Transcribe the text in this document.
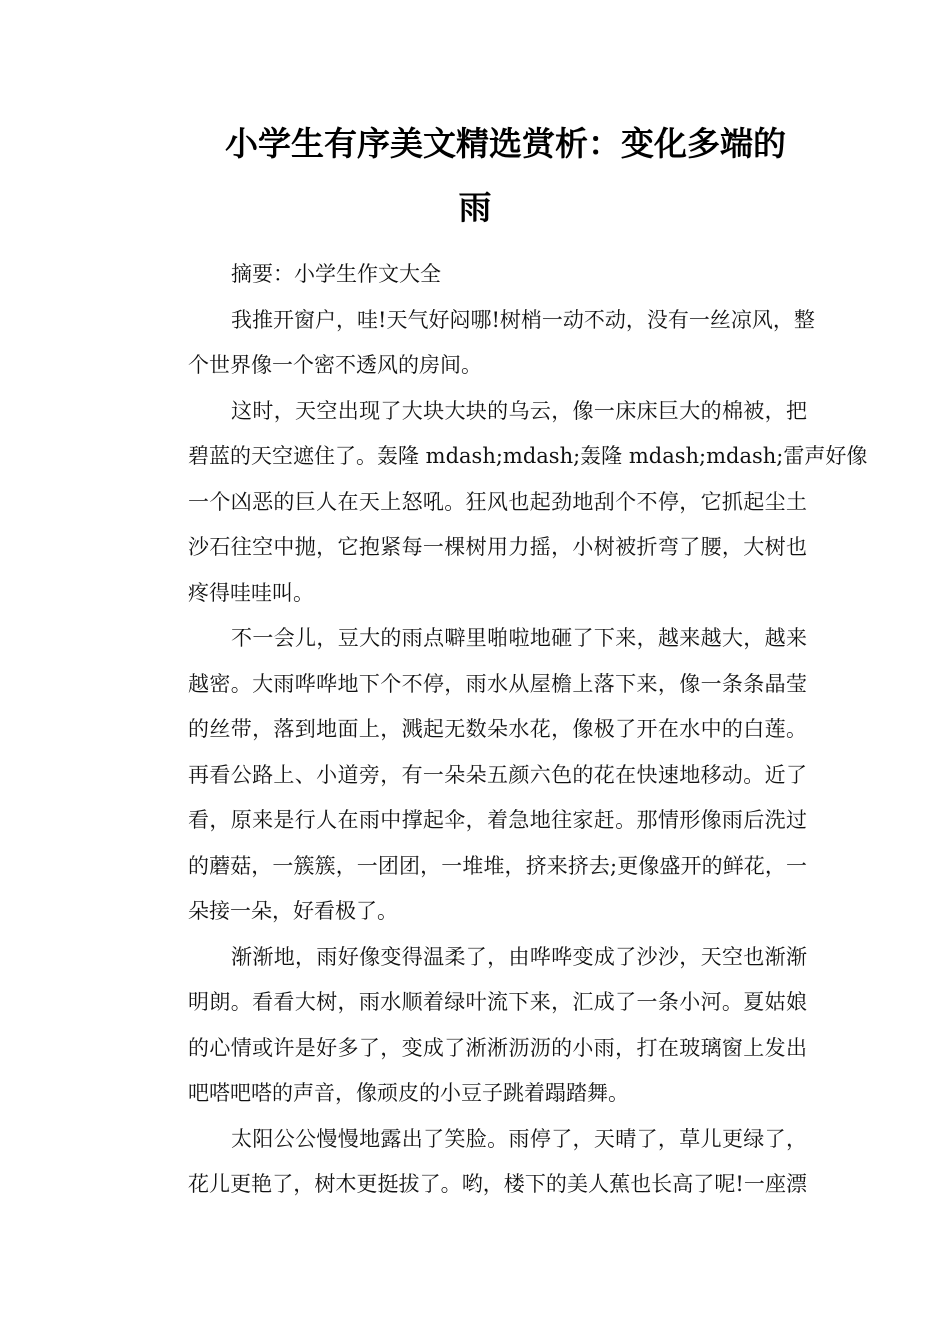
小学生有序美文精选赏析：变化多端的
雨
摘要：小学生作文大全
我推开窗户，哇!天气好闷哪!树梢一动不动，没有一丝凉风，整
个世界像一个密不透风的房间。
这时，天空出现了大块大块的乌云，像一床床巨大的棉被，把
碧蓝的天空遮住了。轰隆 mdash;mdash;轰隆 mdash;mdash;雷声好像
一个凶恶的巨人在天上怒吼。狂风也起劲地刮个不停，它抓起尘土
沙石往空中抛，它抱紧每一棵树用力摇，小树被折弯了腰，大树也
疼得哇哇叫。
不一会儿，豆大的雨点噼里啪啦地砸了下来，越来越大，越来
越密。大雨哗哗地下个不停，雨水从屋檐上落下来，像一条条晶莹
的丝带，落到地面上，溅起无数朵水花，像极了开在水中的白莲。
再看公路上、小道旁，有一朵朵五颜六色的花在快速地移动。近了
看，原来是行人在雨中撑起伞，着急地往家赶。那情形像雨后洗过
的蘑菇，一簇簇，一团团，一堆堆，挤来挤去;更像盛开的鲜花，一
朵接一朵，好看极了。
渐渐地，雨好像变得温柔了，由哗哗变成了沙沙，天空也渐渐
明朗。看看大树，雨水顺着绿叶流下来，汇成了一条小河。夏姑娘
的心情或许是好多了，变成了淅淅沥沥的小雨，打在玻璃窗上发出
吧嗒吧嗒的声音，像顽皮的小豆子跳着蹋踏舞。
太阳公公慢慢地露出了笑脸。雨停了，天晴了，草儿更绿了，
花儿更艳了，树木更挺拔了。哟，楼下的美人蕉也长高了呢!一座漂
